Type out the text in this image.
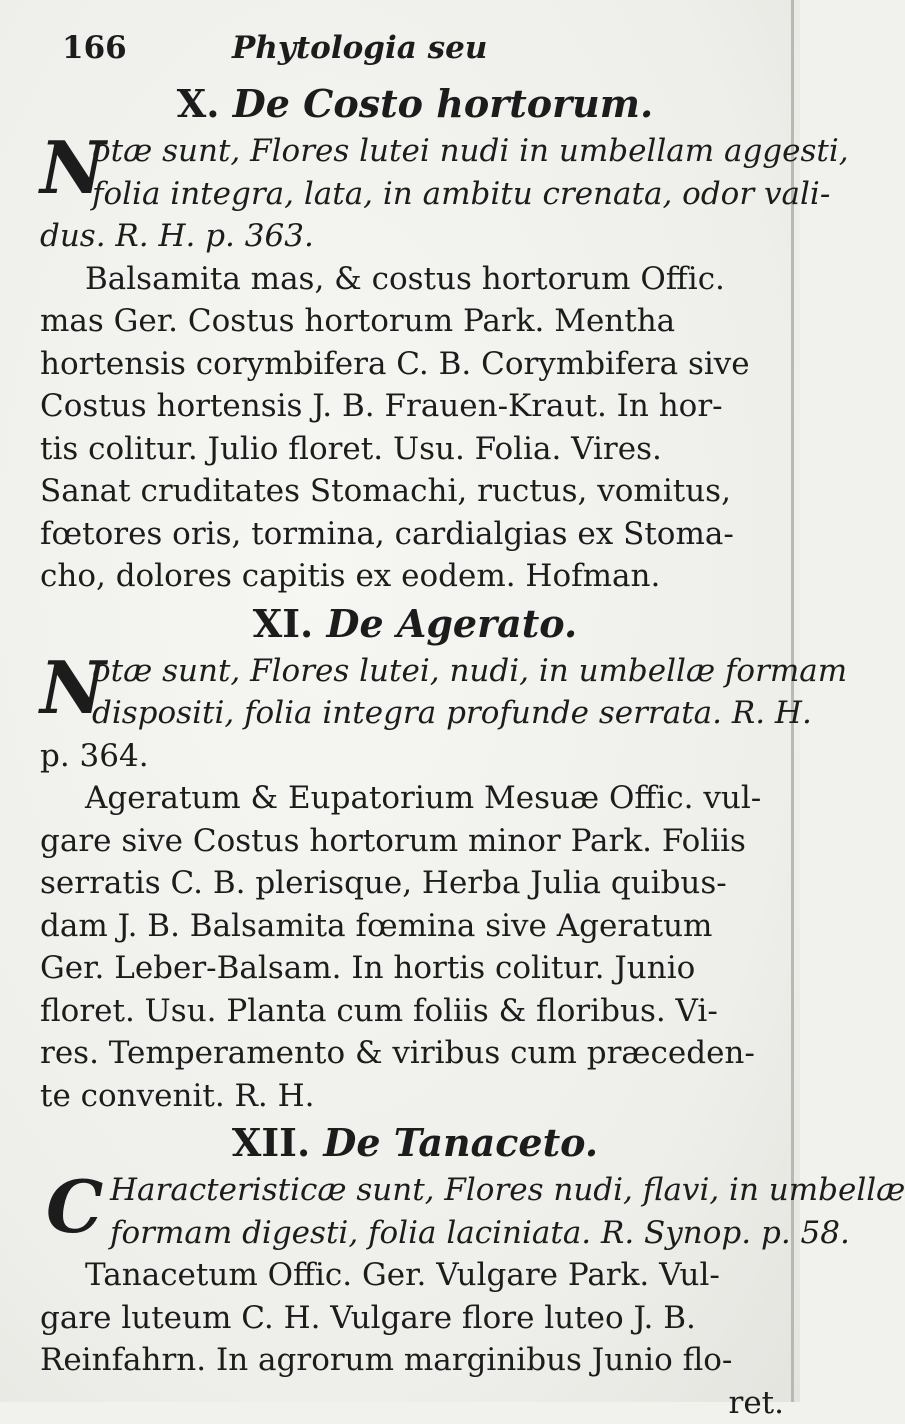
166	Phytologia seu
X. De Costo hortorum.
N
otæ sunt, Flores lutei nudi in umbellam aggesti,
folia integra, lata, in ambitu crenata, odor vali-
dus. R. H. p. 363.
Balsamita mas, & costus hortorum Offic.
mas Ger. Costus hortorum Park. Mentha
hortensis corymbifera C. B. Corymbifera sive
Costus hortensis J. B. Frauen-Kraut. In hor-
tis colitur. Julio floret. Usu. Folia. Vires.
Sanat cruditates Stomachi, ructus, vomitus,
fœtores oris, tormina, cardialgias ex Stoma-
cho, dolores capitis ex eodem. Hofman.
XI. De Agerato.
N
otæ sunt, Flores lutei, nudi, in umbellæ formam
dispositi, folia integra profunde serrata. R. H.
p. 364.
Ageratum & Eupatorium Mesuæ Offic. vul-
gare sive Costus hortorum minor Park. Foliis
serratis C. B. plerisque, Herba Julia quibus-
dam J. B. Balsamita fœmina sive Ageratum
Ger. Leber-Balsam. In hortis colitur. Junio
floret. Usu. Planta cum foliis & floribus. Vi-
res. Temperamento & viribus cum præceden-
te convenit. R. H.
XII. De Tanaceto.
C Haracteristicæ sunt, Flores nudi, flavi, in umbellæ
formam digesti, folia laciniata. R. Synop. p. 58.
Tanacetum Offic. Ger. Vulgare Park. Vul-
gare luteum C. H. Vulgare flore luteo J. B.
Reinfahrn. In agrorum marginibus Junio flo-
ret.
